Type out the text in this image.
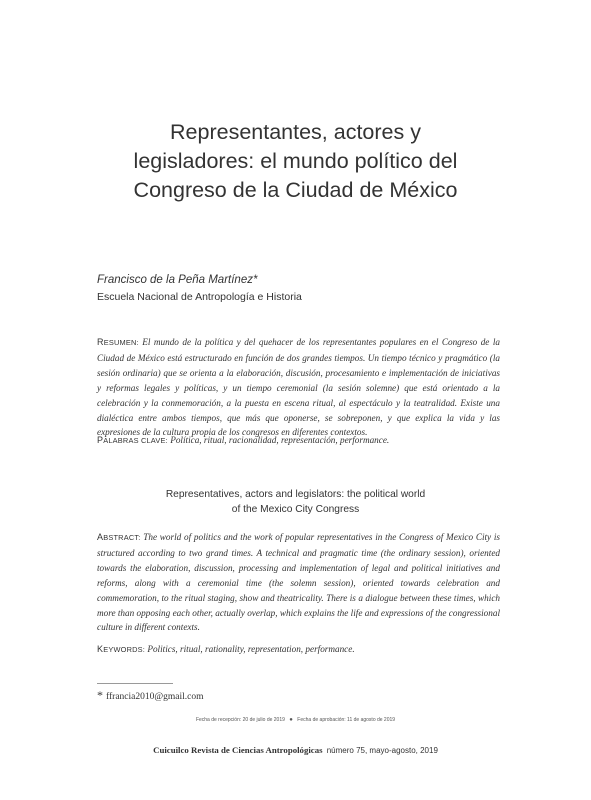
Representantes, actores y
legisladores: el mundo político del
Congreso de la Ciudad de México
Francisco de la Peña Martínez*
Escuela Nacional de Antropología e Historia

RESUMEN: El mundo de la política y del quehacer de los representantes populares en el Congreso de la Ciudad de México está estructurado en función de dos grandes tiempos. Un tiempo técnico y pragmático (la sesión ordinaria) que se orienta a la elaboración, discusión, procesamiento e implementación de iniciativas y reformas legales y políticas, y un tiempo ceremonial (la sesión solemne) que está orientado a la celebración y la conmemoración, a la puesta en escena ritual, al espectáculo y la teatralidad. Existe una dialéctica entre ambos tiempos, que más que oponerse, se sobreponen, y que explica la vida y las expresiones de la cultura propia de los congresos en diferentes contextos.

PALABRAS CLAVE: Política, ritual, racionalidad, representación, performance.

Representatives, actors and legislators: the political world
of the Mexico City Congress

ABSTRACT: The world of politics and the work of popular representatives in the Congress of Mexico City is structured according to two grand times. A technical and pragmatic time (the ordinary session), oriented towards the elaboration, discussion, processing and implementation of legal and political initiatives and reforms, along with a ceremonial time (the solemn session), oriented towards celebration and commemoration, to the ritual staging, show and theatricality. There is a dialogue between these times, which more than opposing each other, actually overlap, which explains the life and expressions of the congressional culture in different contexts.

KEYWORDS: Politics, ritual, rationality, representation, performance.

* ffrancia2010@gmail.com
Fecha de recepción: 20 de julio de 2019 ● Fecha de aprobación: 11 de agosto de 2019
Cuicuilco Revista de Ciencias Antropológicas número 75, mayo-agosto, 2019
